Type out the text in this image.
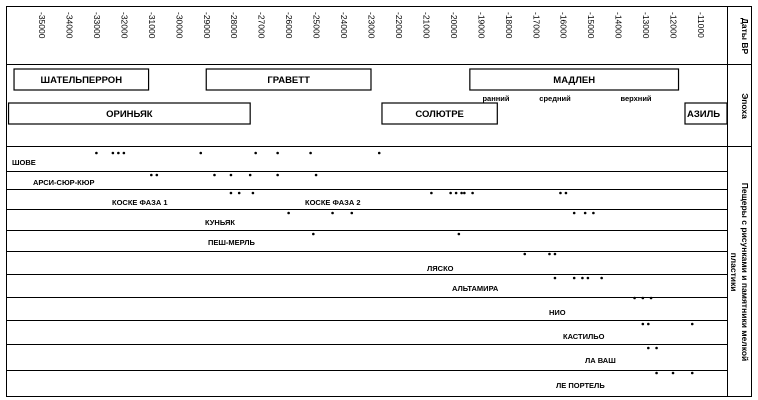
-35000 -34000 -33000 -32000 -31000 -30000 -29000 -28000 -27000 -26000 -25000 -24000 -23000 -22000 -21000 -20000 -19000 -18000 -17000 -16000 -15000 -14000 -13000 -12000 -11000
ШАТЕЛЬПЕРРОН	ГРАВЕТТ	МАДЛЕН
ОРИНЬЯК	СОЛЮТРЕ	АЗИЛЬ
ранний	средний	верхний
ШОВЕ
АРСИ-СЮР-КЮР
КОСКЕ ФАЗА 1	КОСКЕ ФАЗА 2
КУНЬЯК
ПЕШ-МЕРЛЬ
ЛЯСКО
АЛЬТАМИРА
НИО
КАСТИЛЬО
ЛА ВАШ
ЛЕ ПОРТЕЛЬ
Даты ВР
Эпоха
Пещеры с рисунками и памятники мелкой
пластики
